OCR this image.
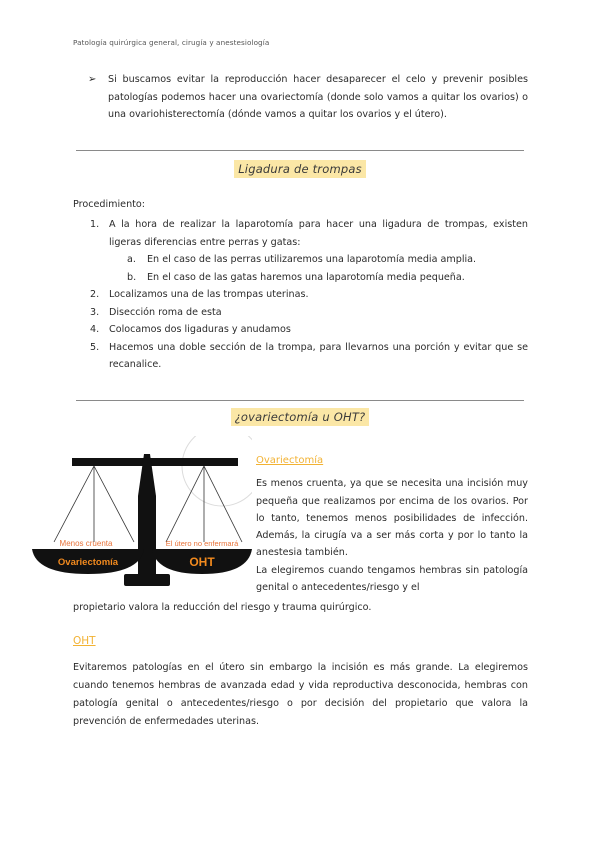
Patología quirúrgica general, cirugía y anestesiología
➢	Si buscamos evitar la reproducción hacer desaparecer el celo y prevenir posibles patologías podemos hacer una ovariectomía (donde solo vamos a quitar los ovarios) o una ovariohisterectomía (dónde vamos a quitar los ovarios y el útero).
Ligadura de trompas
Procedimiento:
1. A la hora de realizar la laparotomía para hacer una ligadura de trompas, existen ligeras diferencias entre perras y gatas:
a. En el caso de las perras utilizaremos una laparotomía media amplia.
b. En el caso de las gatas haremos una laparotomía media pequeña.
2. Localizamos una de las trompas uterinas.
3. Disección roma de esta
4. Colocamos dos ligaduras y anudamos
5. Hacemos una doble sección de la trompa, para llevarnos una porción y evitar que se recanalice.
¿ovariectomía u OHT?
Menos cruenta
Ovariectomía
El útero no enfermará
OHT
Ovariectomía
Es menos cruenta, ya que se necesita una incisión muy pequeña que realizamos por encima de los ovarios. Por lo tanto, tenemos menos posibilidades de infección. Además, la cirugía va a ser más corta y por lo tanto la anestesia también.
La elegiremos cuando tengamos hembras sin patología genital o antecedentes/riesgo y el
propietario valora la reducción del riesgo y trauma quirúrgico.
OHT
Evitaremos patologías en el útero sin embargo la incisión es más grande. La elegiremos cuando tenemos hembras de avanzada edad y vida reproductiva desconocida, hembras con patología genital o antecedentes/riesgo o por decisión del propietario que valora la prevención de enfermedades uterinas.
